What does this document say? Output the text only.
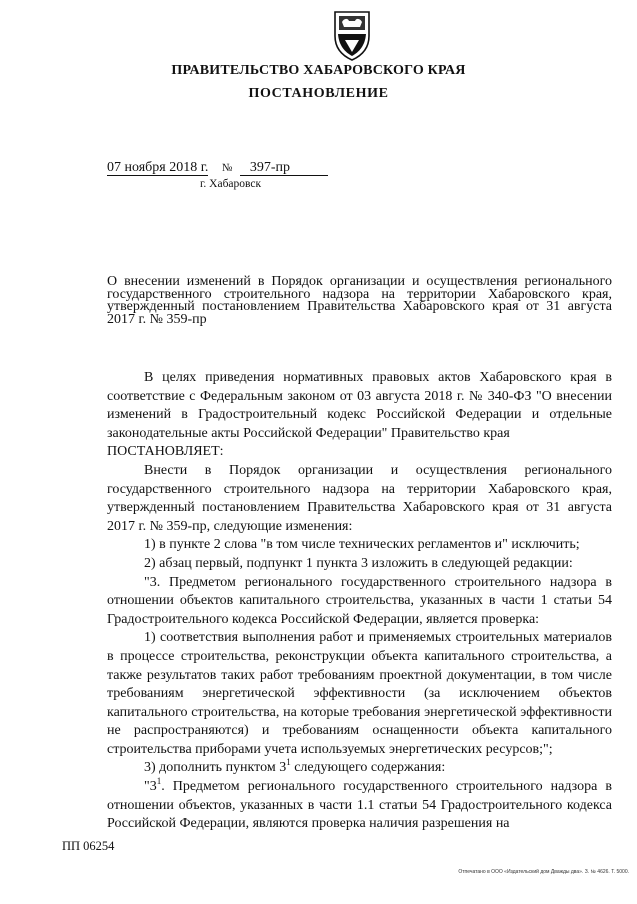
ПРАВИТЕЛЬСТВО ХАБАРОВСКОГО КРАЯ
ПОСТАНОВЛЕНИЕ
07 ноября 2018 г. № 397-пр
г. Хабаровск
О внесении изменений в Порядок организации и осуществления регионального государственного строительного надзора на территории Хабаровского края, утвержденный постановлением Правительства Хабаровского края от 31 августа 2017 г. № 359-пр

В целях приведения нормативных правовых актов Хабаровского края в соответствие с Федеральным законом от 03 августа 2018 г. № 340-ФЗ "О внесении изменений в Градостроительный кодекс Российской Федерации и отдельные законодательные акты Российской Федерации" Правительство края

ПОСТАНОВЛЯЕТ:

Внести в Порядок организации и осуществления регионального государственного строительного надзора на территории Хабаровского края, утвержденный постановлением Правительства Хабаровского края от 31 августа 2017 г. № 359-пр, следующие изменения:

1) в пункте 2 слова "в том числе технических регламентов и" исключить;

2) абзац первый, подпункт 1 пункта 3 изложить в следующей редакции:

"3. Предметом регионального государственного строительного надзора в отношении объектов капитального строительства, указанных в части 1 статьи 54 Градостроительного кодекса Российской Федерации, является проверка:

1) соответствия выполнения работ и применяемых строительных материалов в процессе строительства, реконструкции объекта капитального строительства, а также результатов таких работ требованиям проектной документации, в том числе требованиям энергетической эффективности (за исключением объектов капитального строительства, на которые требования энергетической эффективности не распространяются) и требованиям оснащенности объекта капитального строительства приборами учета используемых энергетических ресурсов;";

3) дополнить пунктом $3^1$ следующего содержания:

"$3^1$. Предметом регионального государственного строительного надзора в отношении объектов, указанных в части 1.1 статьи 54 Градостроительного кодекса Российской Федерации, являются проверка наличия разрешения на

ПП 06254
Отпечатано в ООО «Издательский дом Дважды два». З. № 4626. Т. 5000.
